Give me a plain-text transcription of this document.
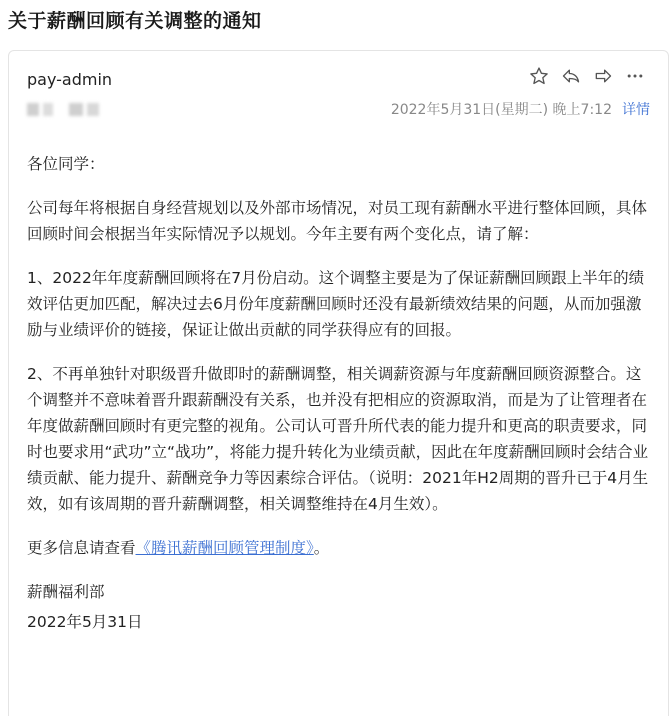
关于薪酬回顾有关调整的通知
pay-admin
2022年5月31日(星期二) 晚上7:12 详情

各位同学：

公司每年将根据自身经营规划以及外部市场情况，对员工现有薪酬水平进行整体回顾，具体回顾时间会根据当年实际情况予以规划。今年主要有两个变化点，请了解：

1、2022年年度薪酬回顾将在7月份启动。这个调整主要是为了保证薪酬回顾跟上半年的绩效评估更加匹配，解决过去6月份年度薪酬回顾时还没有最新绩效结果的问题，从而加强激励与业绩评价的链接，保证让做出贡献的同学获得应有的回报。

2、不再单独针对职级晋升做即时的薪酬调整，相关调薪资源与年度薪酬回顾资源整合。这个调整并不意味着晋升跟薪酬没有关系，也并没有把相应的资源取消，而是为了让管理者在年度做薪酬回顾时有更完整的视角。公司认可晋升所代表的能力提升和更高的职责要求，同时也要求用“武功”立“战功”，将能力提升转化为业绩贡献，因此在年度薪酬回顾时会结合业绩贡献、能力提升、薪酬竞争力等因素综合评估。（说明：2021年H2周期的晋升已于4月生效，如有该周期的晋升薪酬调整，相关调整维持在4月生效）。

更多信息请查看《腾讯薪酬回顾管理制度》。

薪酬福利部

2022年5月31日
